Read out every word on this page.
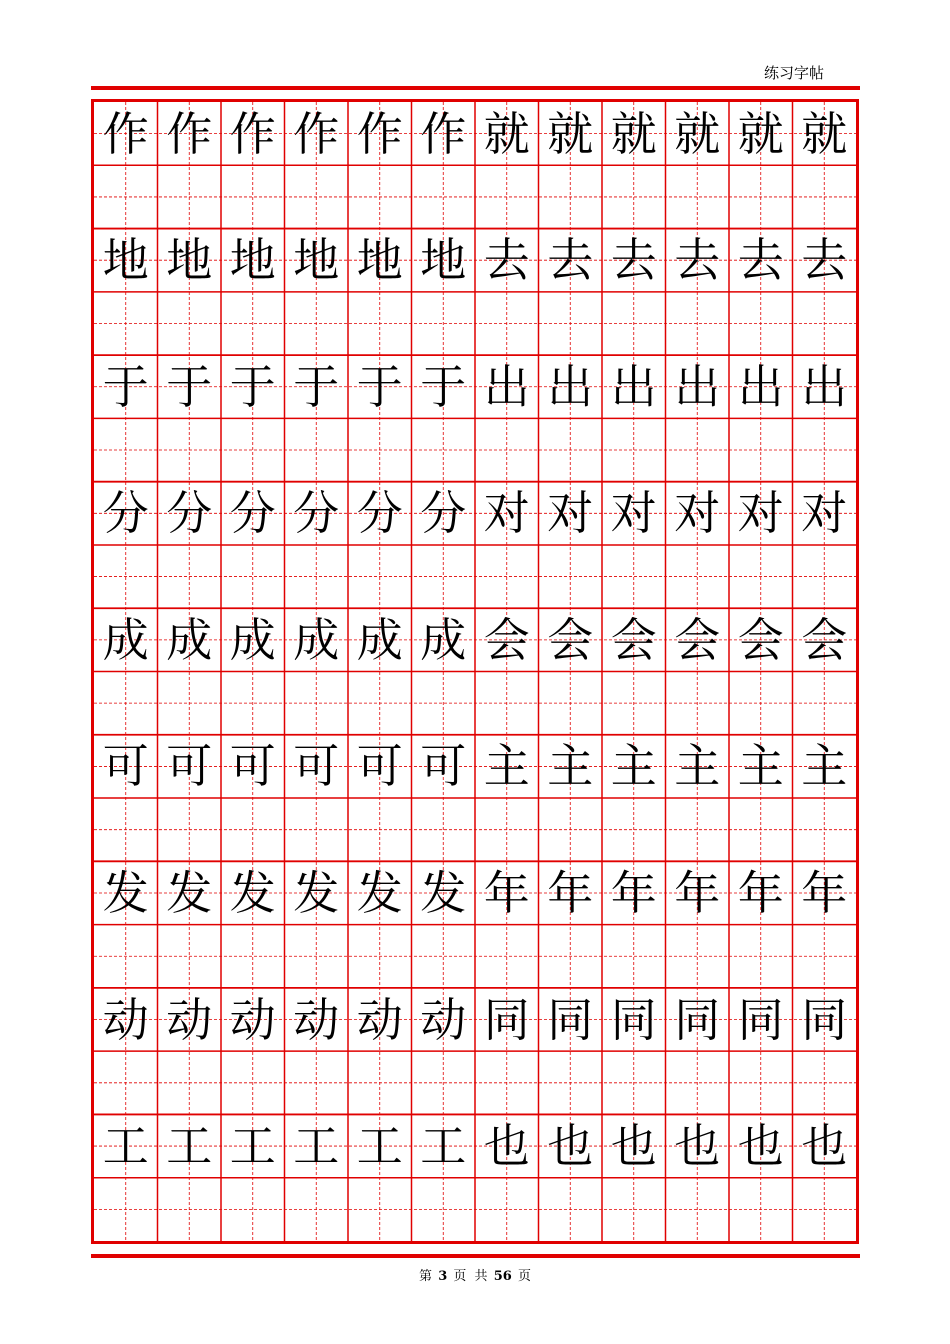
练习字帖
作 作 作 作 作 作 就 就 就 就 就 就
地 地 地 地 地 地 去 去 去 去 去 去
于 于 于 于 于 于 出 出 出 出 出 出
分 分 分 分 分 分 对 对 对 对 对 对
成 成 成 成 成 成 会 会 会 会 会 会
可 可 可 可 可 可 主 主 主 主 主 主
发 发 发 发 发 发 年 年 年 年 年 年
动 动 动 动 动 动 同 同 同 同 同 同
工 工 工 工 工 工 也 也 也 也 也 也
第 3 页 共 56 页
